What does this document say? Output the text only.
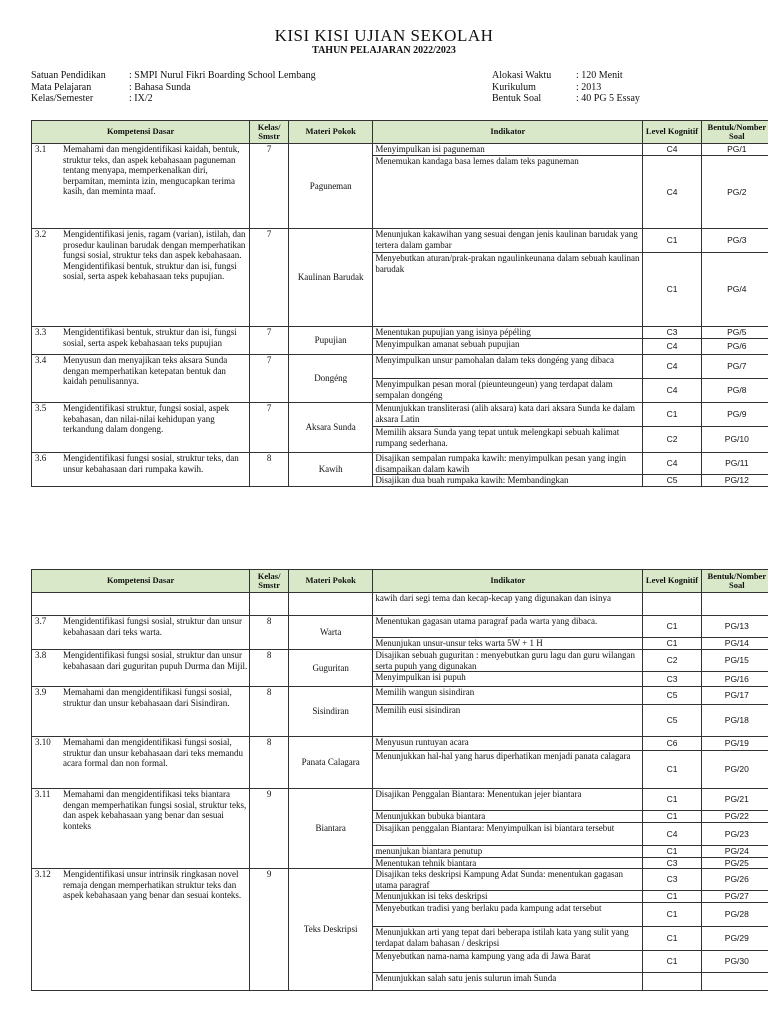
KISI KISI UJIAN SEKOLAH
TAHUN PELAJARAN 2022/2023
Satuan Pendidikan	: SMPI Nurul Fikri Boarding School Lembang
Mata Pelajaran	: Bahasa Sunda
Kelas/Semester	: IX/2
Alokasi Waktu	: 120 Menit
Kurikulum	: 2013
Bentuk Soal	: 40 PG 5 Essay
Kompetensi Dasar	Kelas/ Smstr	Materi Pokok	Indikator	Level Kognitif	Bentuk/Nomber Soal

3.1 Memahami dan mengidentifikasi kaidah, bentuk, struktur teks, dan aspek kebahasaan paguneman tentang menyapa, memperkenalkan diri, berpamitan, meminta izin, mengucapkan terima kasih, dan meminta maaf.	7	Paguneman	Menyimpulkan isi paguneman	C4	PG/1
			Menemukan kandaga basa lemes dalam teks paguneman	C4	PG/2

3.2 Mengidentifikasi jenis, ragam (varian), istilah, dan prosedur kaulinan barudak dengan memperhatikan fungsi sosial, struktur teks dan aspek kebahasaan. Mengidentifikasi bentuk, struktur dan isi, fungsi sosial, serta aspek kebahasaan teks pupujian.	7	Kaulinan Barudak	Menunjukan kakawihan yang sesuai dengan jenis kaulinan barudak yang tertera dalam gambar	C1	PG/3
			Menyebutkan aturan/prak-prakan ngaulinkeunana dalam sebuah kaulinan barudak	C1	PG/4

3.3 Mengidentifikasi bentuk, struktur dan isi, fungsi sosial, serta aspek kebahasaan teks pupujian	7	Pupujian	Menentukan pupujian yang isinya pépéling	C3	PG/5
			Menyimpulkan amanat sebuah pupujian	C4	PG/6

3.4 Menyusun dan menyajikan teks aksara Sunda dengan memperhatikan ketepatan bentuk dan kaidah penulisannya.	7	Dongéng	Menyimpulkan unsur pamohalan dalam teks dongéng yang dibaca	C4	PG/7
			Menyimpulkan pesan moral (pieunteungeun) yang terdapat dalam sempalan dongéng	C4	PG/8

3.5 Mengidentifikasi struktur, fungsi sosial, aspek kebahasan, dan nilai-nilai kehidupan yang terkandung dalam dongeng.	7	Aksara Sunda	Menunjukkan transliterasi (alih aksara) kata dari aksara Sunda ke dalam aksara Latin	C1	PG/9
			Memilih aksara Sunda yang tepat untuk melengkapi sebuah kalimat rumpang sederhana.	C2	PG/10

3.6 Mengidentifikasi fungsi sosial, struktur teks, dan unsur kebahasaan dari rumpaka kawih.	8	Kawih	Disajikan sempalan rumpaka kawih: menyimpulkan pesan yang ingin disampaikan dalam kawih	C4	PG/11
			Disajikan dua buah rumpaka kawih: Membandingkan	C5	PG/12
Kompetensi Dasar	Kelas/ Smstr	Materi Pokok	Indikator	Level Kognitif	Bentuk/Nomber Soal

			kawih dari segi tema dan kecap-kecap yang digunakan dan isinya		

3.7 Mengidentifikasi fungsi sosial, struktur dan unsur kebahasaan dari teks warta.	8	Warta	Menentukan gagasan utama paragraf pada warta yang dibaca.	C1	PG/13
			Menunjukan unsur-unsur teks warta 5W + 1 H	C1	PG/14

3.8 Mengidentifikasi fungsi sosial, struktur dan unsur kebahasaan dari guguritan pupuh Durma dan Mijil.	8	Guguritan	Disajikan sebuah guguritan : menyebutkan guru lagu dan guru wilangan serta pupuh yang digunakan	C2	PG/15
			Menyimpulkan isi pupuh	C3	PG/16

3.9 Memahami dan mengidentifikasi fungsi sosial, struktur dan unsur kebahasaan dari Sisindiran.	8	Sisindiran	Memilih wangun sisindiran	C5	PG/17
			Memilih eusi sisindiran	C5	PG/18

3.10 Memahami dan mengidentifikasi fungsi sosial, struktur dan unsur kebahasaan dari teks memandu acara formal dan non formal.	8	Panata Calagara	Menyusun runtuyan acara	C6	PG/19
			Menunjukkan hal-hal yang harus diperhatikan menjadi panata calagara	C1	PG/20

3.11 Memahami dan mengidentifikasi teks biantara dengan memperhatikan fungsi sosial, struktur teks, dan aspek kebahasaan yang benar dan sesuai konteks	9	Biantara	Disajikan Penggalan Biantara: Menentukan jejer biantara	C1	PG/21
			Menunjukkan bubuka biantara	C1	PG/22
			Disajikan penggalan Biantara: Menyimpulkan isi biantara tersebut	C4	PG/23
			menunjukan biantara penutup	C1	PG/24
			Menentukan tehnik biantara	C3	PG/25

3.12 Mengidentifikasi unsur intrinsik ringkasan novel remaja dengan memperhatikan struktur teks dan aspek kebahasaan yang benar dan sesuai konteks.	9	Teks Deskripsi	Disajikan teks deskripsi Kampung Adat Sunda: menentukan gagasan utama paragraf	C3	PG/26
			Menunjukkan isi teks deskripsi	C1	PG/27
			Menyebutkan tradisi yang berlaku pada kampung adat tersebut	C1	PG/28
			Menunjukkan arti yang tepat dari beberapa istilah kata yang sulit yang terdapat dalam bahasan / deskripsi	C1	PG/29
			Menyebutkan nama-nama kampung yang ada di Jawa Barat	C1	PG/30
			Menunjukkan salah satu jenis sulurun imah Sunda		
